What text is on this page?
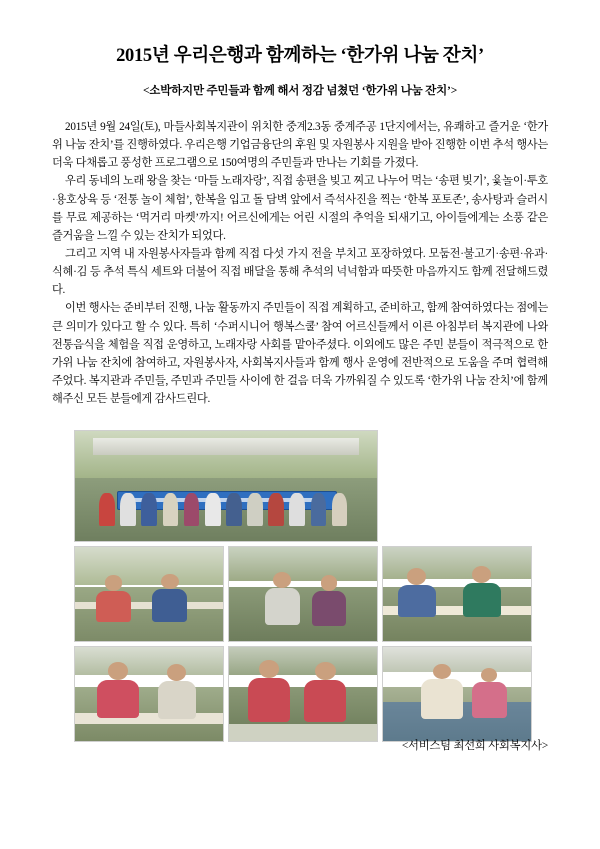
2015년 우리은행과 함께하는 ‘한가위 나눔 잔치’
<소박하지만 주민들과 함께 해서 정감 넘쳤던 ‘한가위 나눔 잔치’>

2015년 9월 24일(토), 마들사회복지관이 위치한 중계2.3동 중계주공 1단지에서는, 유쾌하고 즐거운 ‘한가위 나눔 잔치’를 진행하였다. 우리은행 기업금융단의 후원 및 자원봉사 지원을 받아 진행한 이번 추석 행사는 더욱 다채롭고 풍성한 프로그램으로 150여명의 주민들과 만나는 기회를 가졌다.

우리 동네의 노래 왕을 찾는 ‘마들 노래자랑’, 직접 송편을 빚고 찌고 나누어 먹는 ‘송편 빚기’, 윷놀이·투호·용호상육 등 ‘전통 놀이 체험’, 한복을 입고 돌 담벽 앞에서 즉석사진을 찍는 ‘한복 포토존’, 송사탕과 슬러시를 무료 제공하는 ‘먹거리 마켓’까지! 어르신에게는 어린 시절의 추억을 되새기고, 아이들에게는 소풍 같은 즐거움을 느낄 수 있는 잔치가 되었다.

그리고 지역 내 자원봉사자들과 함께 직접 다섯 가지 전을 부치고 포장하였다. 모둠전·불고기·송편·유과·식혜·김 등 추석 특식 세트와 더불어 직접 배달을 통해 추석의 넉넉함과 따뜻한 마음까지도 함께 전달해드렸다.

이번 행사는 준비부터 진행, 나눔 활동까지 주민들이 직접 계획하고, 준비하고, 함께 참여하였다는 점에는 큰 의미가 있다고 할 수 있다. 특히 ‘수퍼시니어 행복스쿨’ 참여 어르신들께서 이른 아침부터 복지관에 나와 전통음식을 체험을 직접 운영하고, 노래자랑 사회를 맡아주셨다. 이외에도 많은 주민 분들이 적극적으로 한가위 나눔 잔치에 참여하고, 자원봉사자, 사회복지사들과 함께 행사 운영에 전반적으로 도움을 주며 협력해주었다. 복지관과 주민들, 주민과 주민들 사이에 한 걸음 더욱 가까워질 수 있도록 ‘한가위 나눔 잔치’에 함께 해주신 모든 분들에게 감사드린다.

<서비스팀 최선희 사회복지사>
